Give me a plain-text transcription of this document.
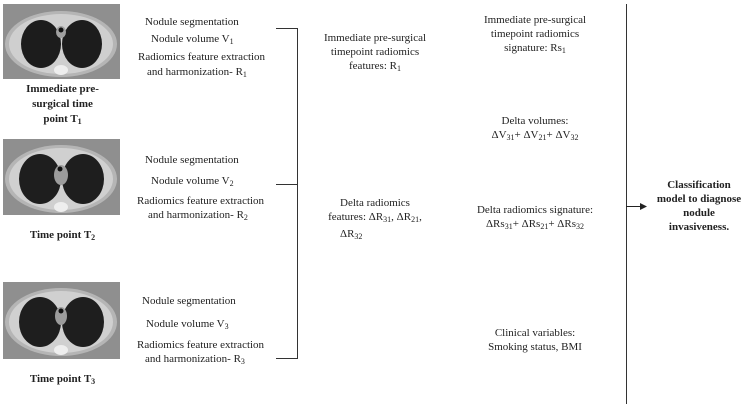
Immediate pre-
surgical time
point $T_1$
Time point $T_2$
Time point $T_3$
Nodule segmentation
Nodule volume $V_1$
Radiomics feature extraction
and harmonization- $R_1$
Nodule segmentation
Nodule volume $V_2$
Radiomics feature extraction
and harmonization- $R_2$
Nodule segmentation
Nodule volume $V_3$
Radiomics feature extraction
and harmonization- $R_3$
Immediate pre-surgical
timepoint radiomics
features: $R_1$
Delta radiomics
features: $\Delta R_{31}$, $\Delta R_{21}$,
$\Delta R_{32}$
Immediate pre-surgical
timepoint radiomics
signature: $Rs_1$
Delta volumes:
$\Delta V_{31}+ \Delta V_{21}+ \Delta V_{32}$
Delta radiomics signature:
ΔRs$_{31}$+ ΔRs$_{21}$+ ΔRs$_{32}$
Clinical variables:
Smoking status, BMI
Classification
model to diagnose
nodule
invasiveness.
